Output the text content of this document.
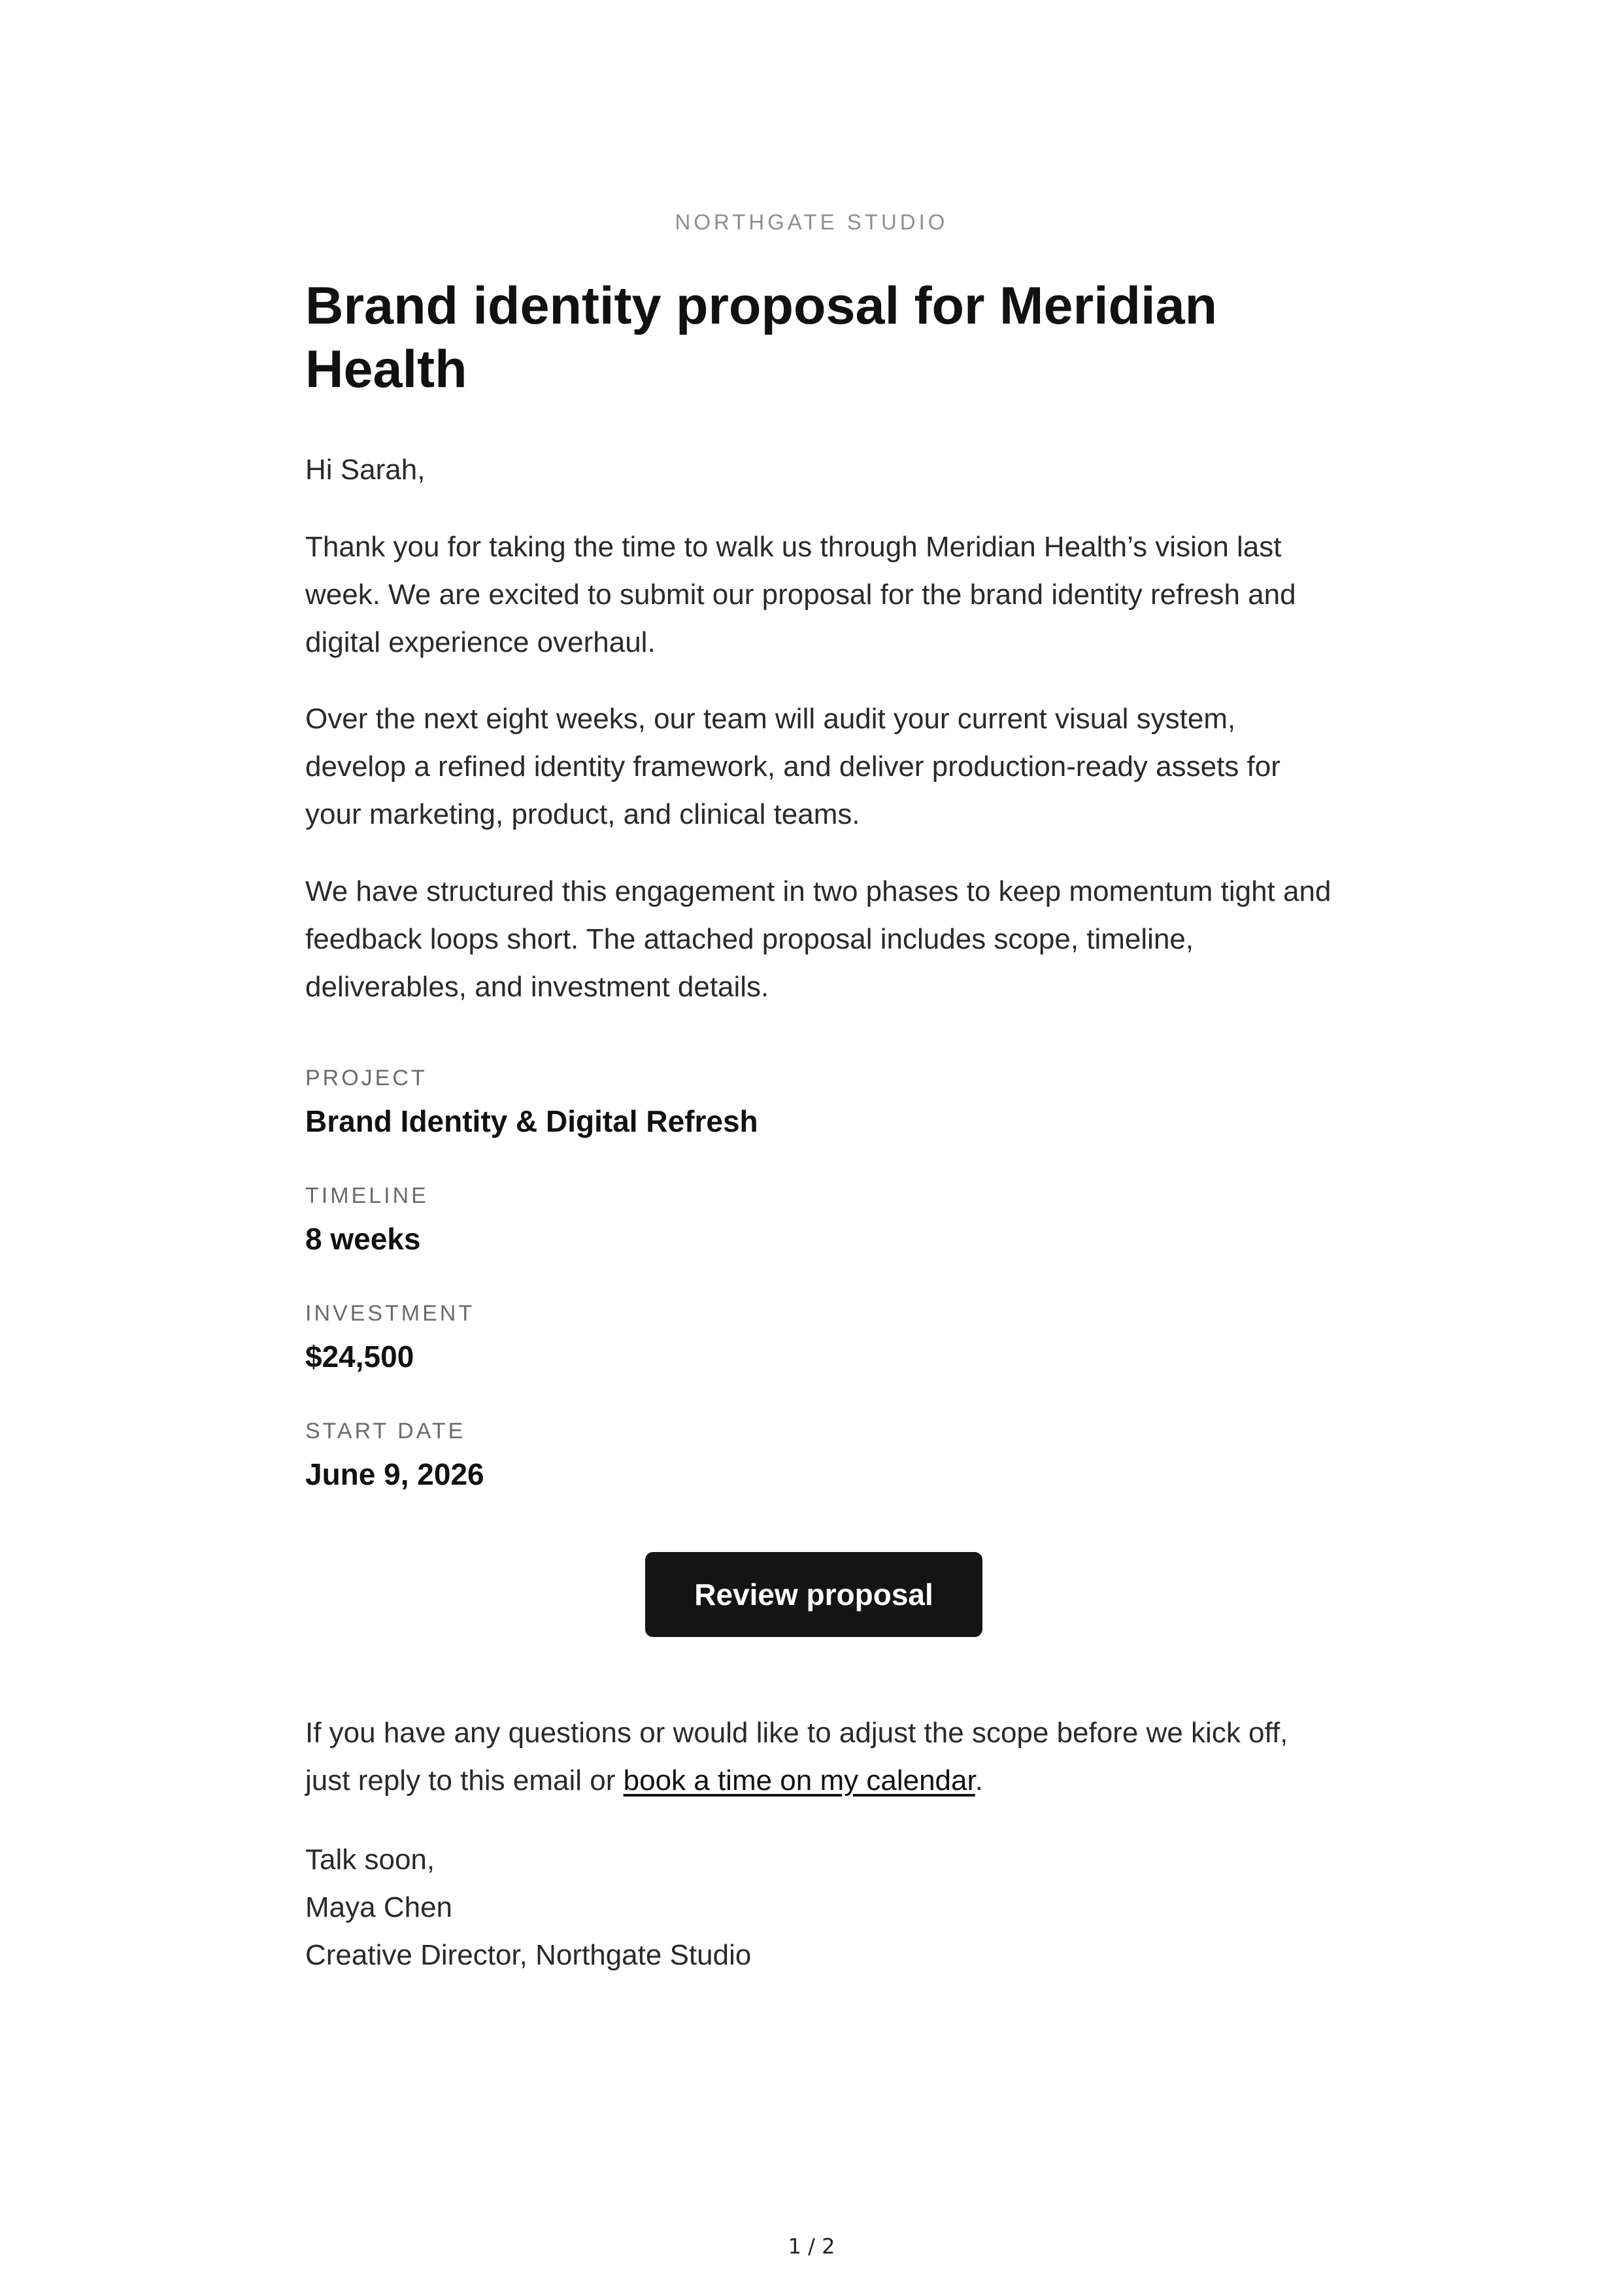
NORTHGATE STUDIO
Brand identity proposal for Meridian Health

Hi Sarah,

Thank you for taking the time to walk us through Meridian Health’s vision last week. We are excited to submit our proposal for the brand identity refresh and digital experience overhaul.

Over the next eight weeks, our team will audit your current visual system, develop a refined identity framework, and deliver production-ready assets for your marketing, product, and clinical teams.

We have structured this engagement in two phases to keep momentum tight and feedback loops short. The attached proposal includes scope, timeline, deliverables, and investment details.

PROJECT
Brand Identity & Digital Refresh
TIMELINE
8 weeks
INVESTMENT
$24,500
START DATE
June 9, 2026

If you have any questions or would like to adjust the scope before we kick off, just reply to this email or book a time on my calendar.

Talk soon,
Maya Chen
Creative Director, Northgate Studio

Review proposal
1 / 2
